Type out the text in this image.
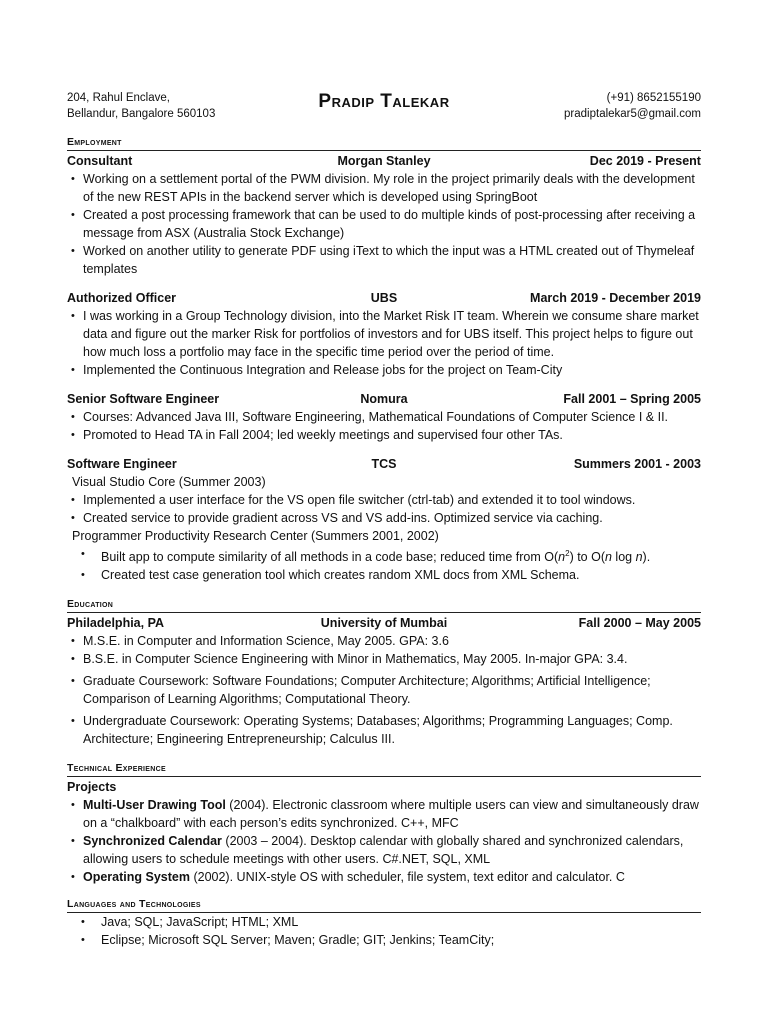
204, Rahul Enclave,
Bellandur, Bangalore 560103
Pradip Talekar	(+91) 8652155190
pradiptalekar5@gmail.com
Employment
Consultant	Morgan Stanley	Dec 2019 - Present
• Working on a settlement portal of the PWM division. My role in the project primarily deals with the development of the new REST APIs in the backend server which is developed using SpringBoot
• Created a post processing framework that can be used to do multiple kinds of post-processing after receiving a message from ASX (Australia Stock Exchange)
• Worked on another utility to generate PDF using iText to which the input was a HTML created out of Thymeleaf templates
Authorized Officer	UBS	March 2019 - December 2019
• I was working in a Group Technology division, into the Market Risk IT team. Wherein we consume share market data and figure out the marker Risk for portfolios of investors and for UBS itself. This project helps to figure out how much loss a portfolio may face in the specific time period over the period of time.
• Implemented the Continuous Integration and Release jobs for the project on Team-City
Senior Software Engineer	Nomura	Fall 2001 – Spring 2005
• Courses: Advanced Java III, Software Engineering, Mathematical Foundations of Computer Science I & II.
• Promoted to Head TA in Fall 2004; led weekly meetings and supervised four other TAs.
Software Engineer	TCS	Summers 2001 - 2003
Visual Studio Core (Summer 2003)
• Implemented a user interface for the VS open file switcher (ctrl-tab) and extended it to tool windows.
• Created service to provide gradient across VS and VS add-ins. Optimized service via caching.
Programmer Productivity Research Center (Summers 2001, 2002)
• Built app to compute similarity of all methods in a code base; reduced time from $O(n^2)$ to O(n log n).
• Created test case generation tool which creates random XML docs from XML Schema.
Education
Philadelphia, PA	University of Mumbai	Fall 2000 – May 2005
• M.S.E. in Computer and Information Science, May 2005. GPA: 3.6
• B.S.E. in Computer Science Engineering with Minor in Mathematics, May 2005. In-major GPA: 3.4.
• Graduate Coursework: Software Foundations; Computer Architecture; Algorithms; Artificial Intelligence; Comparison of Learning Algorithms; Computational Theory.
• Undergraduate Coursework: Operating Systems; Databases; Algorithms; Programming Languages; Comp. Architecture; Engineering Entrepreneurship; Calculus III.
Technical Experience
Projects
• Multi-User Drawing Tool (2004). Electronic classroom where multiple users can view and simultaneously draw on a “chalkboard” with each person’s edits synchronized. C++, MFC
• Synchronized Calendar (2003 – 2004). Desktop calendar with globally shared and synchronized calendars, allowing users to schedule meetings with other users. C#.NET, SQL, XML
• Operating System (2002). UNIX-style OS with scheduler, file system, text editor and calculator. C
Languages and Technologies
• Java; SQL; JavaScript; HTML; XML
• Eclipse; Microsoft SQL Server; Maven; Gradle; GIT; Jenkins; TeamCity;
